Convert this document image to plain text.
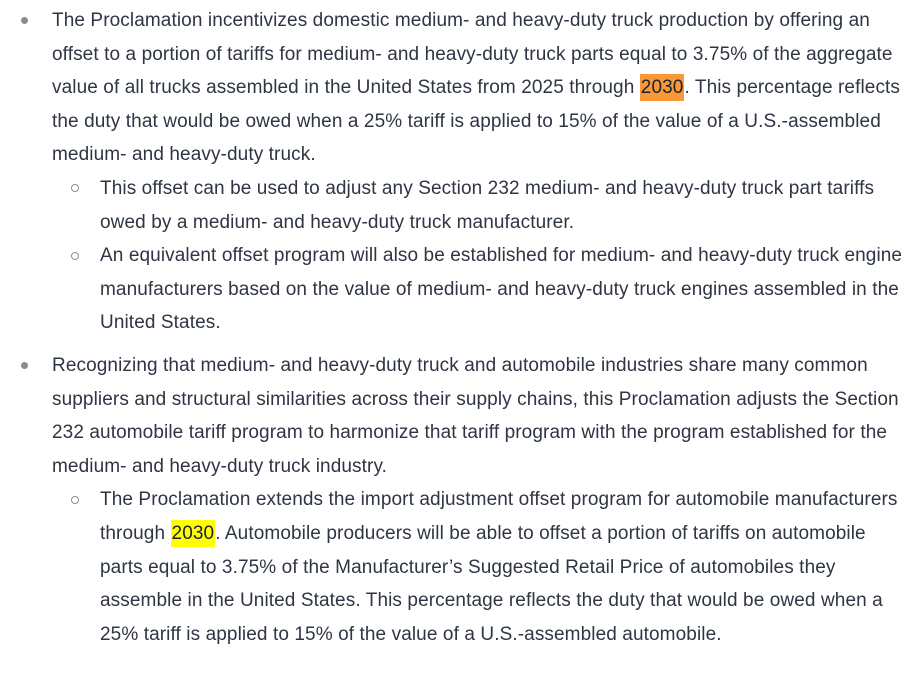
The Proclamation incentivizes domestic medium- and heavy-duty truck production by offering an offset to a portion of tariffs for medium- and heavy-duty truck parts equal to 3.75% of the aggregate value of all trucks assembled in the United States from 2025 through 2030. This percentage reflects the duty that would be owed when a 25% tariff is applied to 15% of the value of a U.S.-assembled medium- and heavy-duty truck.

This offset can be used to adjust any Section 232 medium- and heavy-duty truck part tariffs owed by a medium- and heavy-duty truck manufacturer.

An equivalent offset program will also be established for medium- and heavy-duty truck engine manufacturers based on the value of medium- and heavy-duty truck engines assembled in the United States.

Recognizing that medium- and heavy-duty truck and automobile industries share many common suppliers and structural similarities across their supply chains, this Proclamation adjusts the Section 232 automobile tariff program to harmonize that tariff program with the program established for the medium- and heavy-duty truck industry.

The Proclamation extends the import adjustment offset program for automobile manufacturers through 2030. Automobile producers will be able to offset a portion of tariffs on automobile parts equal to 3.75% of the Manufacturer’s Suggested Retail Price of automobiles they assemble in the United States. This percentage reflects the duty that would be owed when a 25% tariff is applied to 15% of the value of a U.S.-assembled automobile.
